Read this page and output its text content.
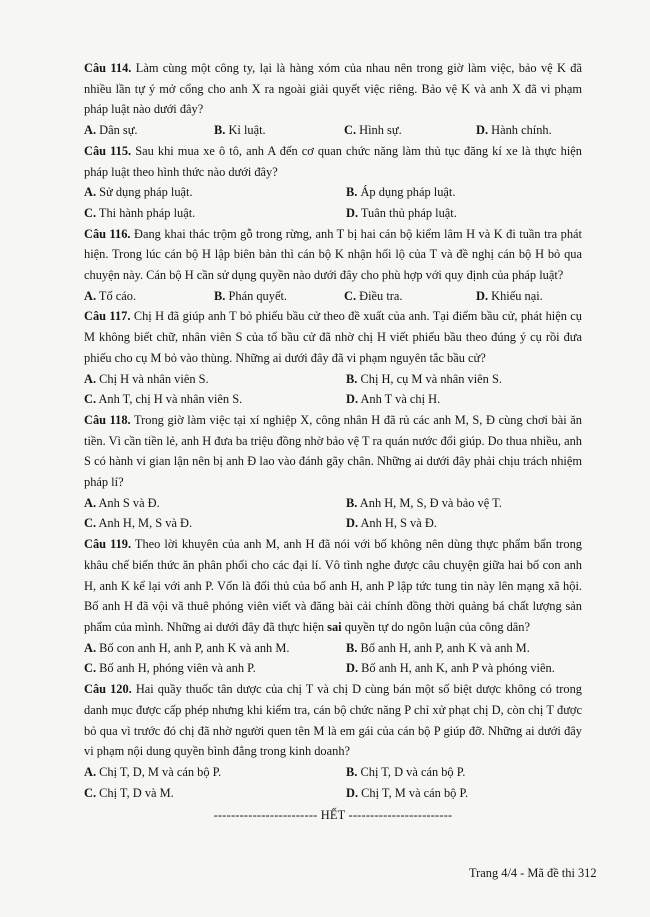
Câu 114. Làm cùng một công ty, lại là hàng xóm của nhau nên trong giờ làm việc, bảo vệ K đã nhiều lần tự ý mở cổng cho anh X ra ngoài giải quyết việc riêng. Bảo vệ K và anh X đã vi phạm pháp luật nào dưới đây?

A. Dân sự.	B. Kỉ luật.	C. Hình sự.	D. Hành chính.

Câu 115. Sau khi mua xe ô tô, anh A đến cơ quan chức năng làm thủ tục đăng kí xe là thực hiện pháp luật theo hình thức nào dưới đây?

A. Sử dụng pháp luật.	B. Áp dụng pháp luật.
C. Thi hành pháp luật.	D. Tuân thủ pháp luật.

Câu 116. Đang khai thác trộm gỗ trong rừng, anh T bị hai cán bộ kiểm lâm H và K đi tuần tra phát hiện. Trong lúc cán bộ H lập biên bản thì cán bộ K nhận hối lộ của T và đề nghị cán bộ H bỏ qua chuyện này. Cán bộ H cần sử dụng quyền nào dưới đây cho phù hợp với quy định của pháp luật?

A. Tố cáo.	B. Phán quyết.	C. Điều tra.	D. Khiếu nại.

Câu 117. Chị H đã giúp anh T bỏ phiếu bầu cử theo đề xuất của anh. Tại điểm bầu cử, phát hiện cụ M không biết chữ, nhân viên S của tổ bầu cử đã nhờ chị H viết phiếu bầu theo đúng ý cụ rồi đưa phiếu cho cụ M bỏ vào thùng. Những ai dưới đây đã vi phạm nguyên tắc bầu cử?

A. Chị H và nhân viên S.	B. Chị H, cụ M và nhân viên S.
C. Anh T, chị H và nhân viên S.	D. Anh T và chị H.

Câu 118. Trong giờ làm việc tại xí nghiệp X, công nhân H đã rủ các anh M, S, Đ cùng chơi bài ăn tiền. Vì cần tiền lẻ, anh H đưa ba triệu đồng nhờ bảo vệ T ra quán nước đổi giúp. Do thua nhiều, anh S có hành vi gian lận nên bị anh Đ lao vào đánh gãy chân. Những ai dưới đây phải chịu trách nhiệm pháp lí?

A. Anh S và Đ.	B. Anh H, M, S, Đ và bảo vệ T.
C. Anh H, M, S và Đ.	D. Anh H, S và Đ.

Câu 119. Theo lời khuyên của anh M, anh H đã nói với bố không nên dùng thực phẩm bẩn trong khâu chế biến thức ăn phân phối cho các đại lí. Vô tình nghe được câu chuyện giữa hai bố con anh H, anh K kể lại với anh P. Vốn là đối thủ của bố anh H, anh P lập tức tung tin này lên mạng xã hội. Bố anh H đã vội vã thuê phóng viên viết và đăng bài cải chính đồng thời quảng bá chất lượng sản phẩm của mình. Những ai dưới đây đã thực hiện sai quyền tự do ngôn luận của công dân?

A. Bố con anh H, anh P, anh K và anh M.	B. Bố anh H, anh P, anh K và anh M.
C. Bố anh H, phóng viên và anh P.	D. Bố anh H, anh K, anh P và phóng viên.

Câu 120. Hai quầy thuốc tân dược của chị T và chị D cùng bán một số biệt dược không có trong danh mục được cấp phép nhưng khi kiểm tra, cán bộ chức năng P chỉ xử phạt chị D, còn chị T được bỏ qua vì trước đó chị đã nhờ người quen tên M là em gái của cán bộ P giúp đỡ. Những ai dưới đây vi phạm nội dung quyền bình đẳng trong kinh doanh?

A. Chị T, D, M và cán bộ P.	B. Chị T, D và cán bộ P.
C. Chị T, D và M.	D. Chị T, M và cán bộ P.
------------------------ HẾT ------------------------
Trang 4/4 - Mã đề thi 312
